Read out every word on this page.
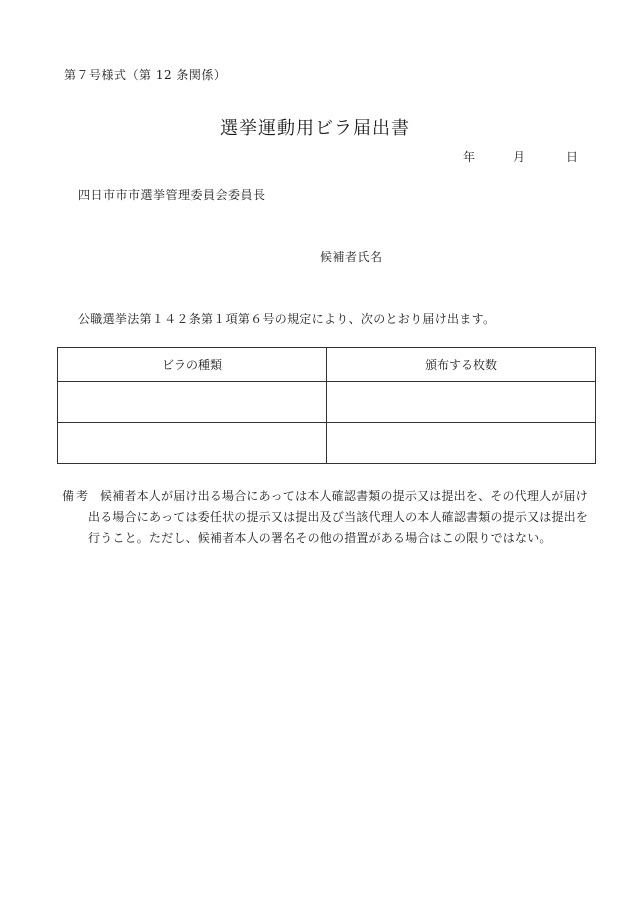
第７号様式（第 12 条関係）
選挙運動用ビラ届出書
年	月	日
四日市市市選挙管理委員会委員長
候補者氏名
公職選挙法第１４２条第１項第６号の規定により、次のとおり届け出ます。
ビラの種類	頒布する枚数

備考 候補者本人が届け出る場合にあっては本人確認書類の提示又は提出を、その代理人が届け出る場合にあっては委任状の提示又は提出及び当該代理人の本人確認書類の提示又は提出を行うこと。ただし、候補者本人の署名その他の措置がある場合はこの限りではない。
